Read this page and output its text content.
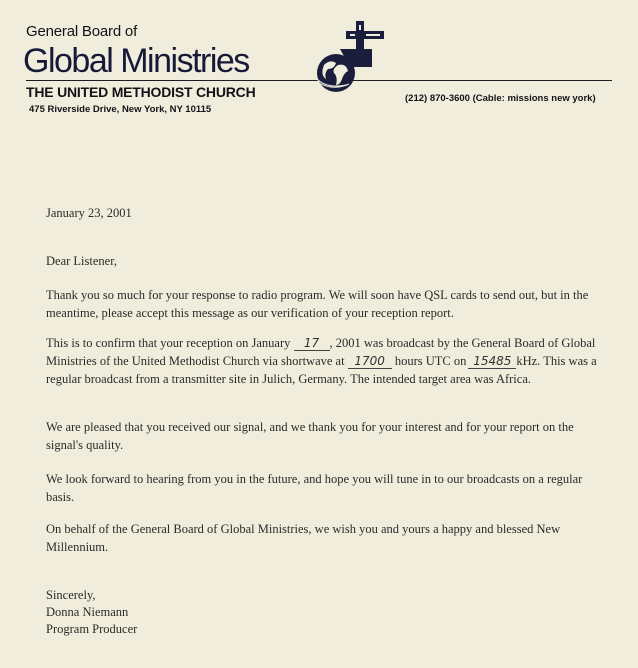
General Board of
Global Ministries
THE UNITED METHODIST CHURCH
475 Riverside Drive, New York, NY 10115
(212) 870-3600 (Cable: missions new york)
January 23, 2001
Dear Listener,
Thank you so much for your response to radio program. We will soon have QSL cards to send out, but in the meantime, please accept this message as our verification of your reception report.
This is to confirm that your reception on January 17 , 2001 was broadcast by the General Board of Global Ministries of the United Methodist Church via shortwave at 1700 hours UTC on 15485 kHz. This was a regular broadcast from a transmitter site in Julich, Germany. The intended target area was Africa.
We are pleased that you received our signal, and we thank you for your interest and for your report on the signal's quality.
We look forward to hearing from you in the future, and hope you will tune in to our broadcasts on a regular basis.
On behalf of the General Board of Global Ministries, we wish you and yours a happy and blessed New Millennium.
Sincerely,
Donna Niemann
Program Producer
